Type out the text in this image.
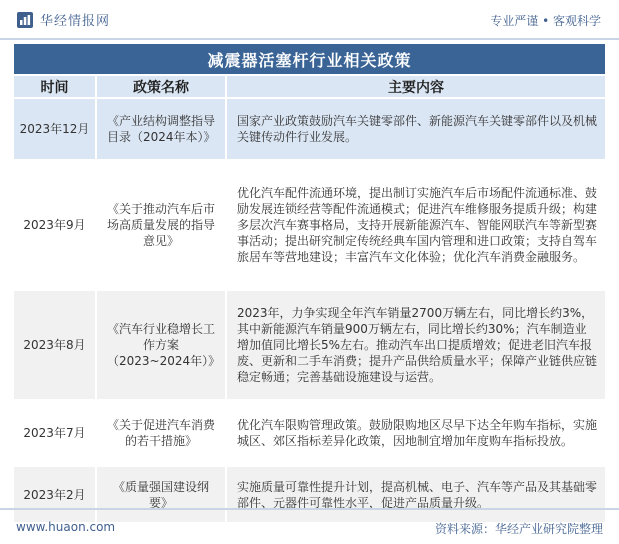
华经情报网	专业严谨 • 客观科学
减震器活塞杆行业相关政策
时间	政策名称	主要内容
2023年12月	《产业结构调整指导目录（2024年本）》	国家产业政策鼓励汽车关键零部件、新能源汽车关键零部件以及机械关键传动件行业发展。
2023年9月	《关于推动汽车后市场高质量发展的指导意见》	优化汽车配件流通环境，提出制订实施汽车后市场配件流通标准、鼓励发展连锁经营等配件流通模式；促进汽车维修服务提质升级；构建多层次汽车赛事格局，支持开展新能源汽车、智能网联汽车等新型赛事活动；提出研究制定传统经典车国内管理和进口政策；支持自驾车旅居车等营地建设；丰富汽车文化体验；优化汽车消费金融服务。
2023年8月	《汽车行业稳增长工作方案（2023~2024年）》	2023年，力争实现全年汽车销量2700万辆左右，同比增长约3%，其中新能源汽车销量900万辆左右，同比增长约30%；汽车制造业增加值同比增长5%左右。推动汽车出口提质增效；促进老旧汽车报废、更新和二手车消费；提升产品供给质量水平；保障产业链供应链稳定畅通；完善基础设施建设与运营。
2023年7月	《关于促进汽车消费的若干措施》	优化汽车限购管理政策。鼓励限购地区尽早下达全年购车指标，实施城区、郊区指标差异化政策，因地制宜增加年度购车指标投放。
2023年2月	《质量强国建设纲要》	实施质量可靠性提升计划，提高机械、电子、汽车等产品及其基础零部件、元器件可靠性水平，促进产品质量升级。
www.huaon.com	资料来源：华经产业研究院整理
